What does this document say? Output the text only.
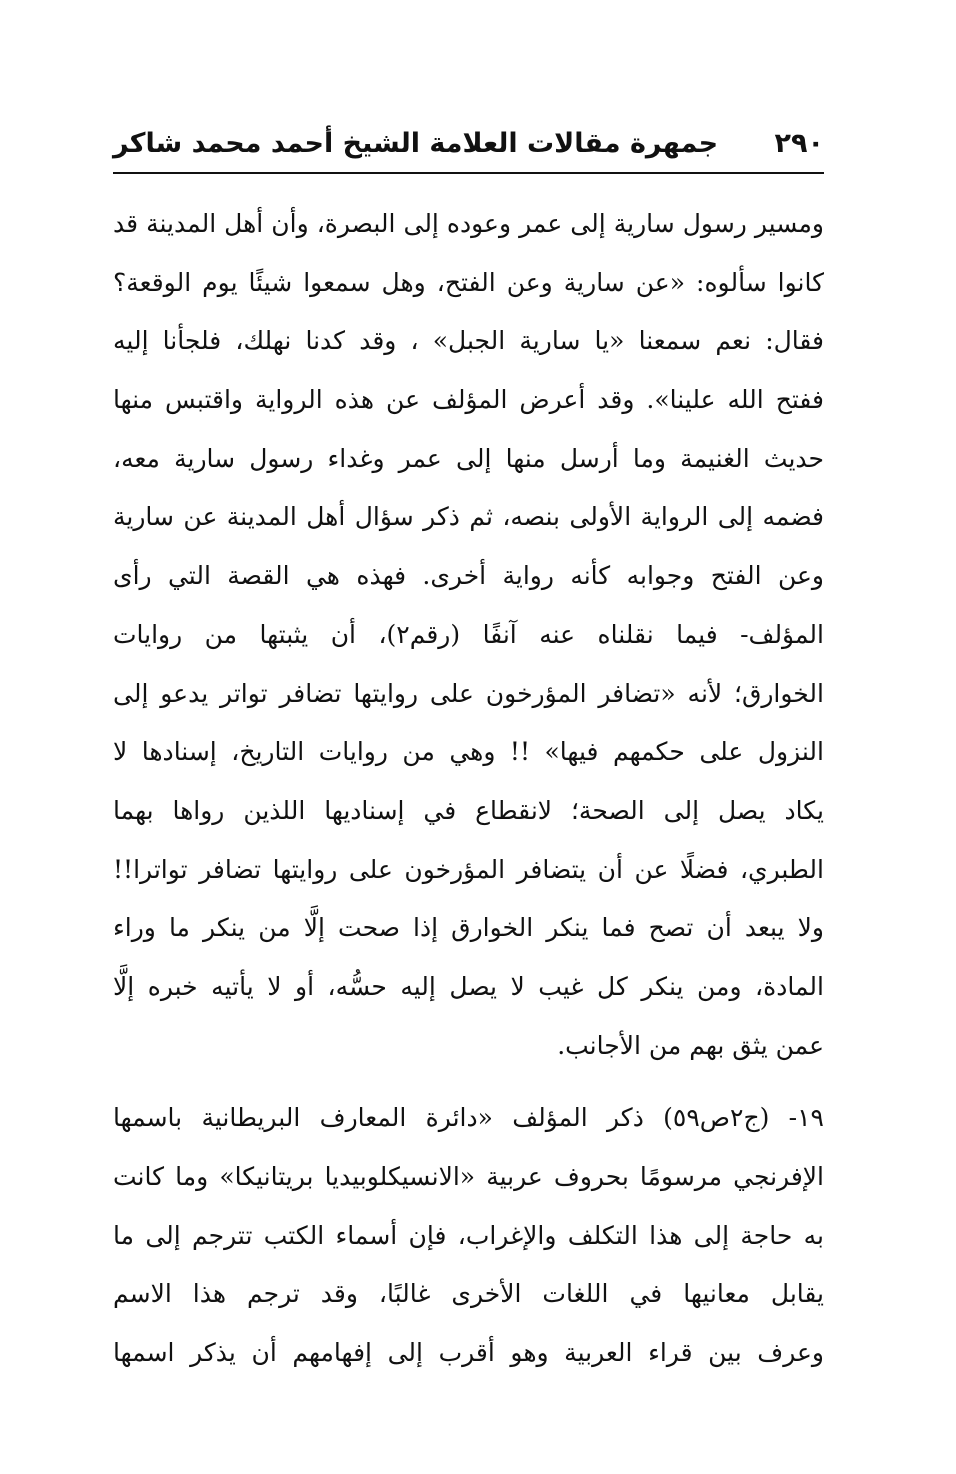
٢٩٠
جمهرة مقالات العلامة الشيخ أحمد محمد شاكر
ومسير رسول سارية إلى عمر وعوده إلى البصرة، وأن أهل المدينة قد
كانوا سألوه: «عن سارية وعن الفتح، وهل سمعوا شيئًا يوم الوقعة؟
فقال: نعم سمعنا «يا سارية الجبل» ، وقد كدنا نهلك، فلجأنا إليه
ففتح الله علينا». وقد أعرض المؤلف عن هذه الرواية واقتبس منها
حديث الغنيمة وما أرسل منها إلى عمر وغداء رسول سارية معه،
فضمه إلى الرواية الأولى بنصه، ثم ذكر سؤال أهل المدينة عن سارية
وعن الفتح وجوابه كأنه رواية أخرى. فهذه هي القصة التي رأى
المؤلف- فيما نقلناه عنه آنفًا (رقم٢)، أن يثبتها من روايات
الخوارق؛ لأنه «تضافر المؤرخون على روايتها تضافر تواتر يدعو إلى
النزول على حكمهم فيها» !! وهي من روايات التاريخ، إسنادها لا
يكاد يصل إلى الصحة؛ لانقطاع في إسناديها اللذين رواها بهما
الطبري، فضلًا عن أن يتضافر المؤرخون على روايتها تضافر تواترا!!
ولا يبعد أن تصح فما ينكر الخوارق إذا صحت إلَّا من ينكر ما وراء
المادة، ومن ينكر كل غيب لا يصل إليه حسُّه، أو لا يأتيه خبره إلَّا
عمن يثق بهم من الأجانب.
١٩- (ج٢ص٥٩) ذكر المؤلف «دائرة المعارف البريطانية باسمها
الإفرنجي مرسومًا بحروف عربية «الانسيكلوبيديا بريتانيكا» وما كانت
به حاجة إلى هذا التكلف والإغراب، فإن أسماء الكتب تترجم إلى ما
يقابل معانيها في اللغات الأخرى غالبًا، وقد ترجم هذا الاسم
وعرف بين قراء العربية وهو أقرب إلى إفهامهم أن يذكر اسمها
